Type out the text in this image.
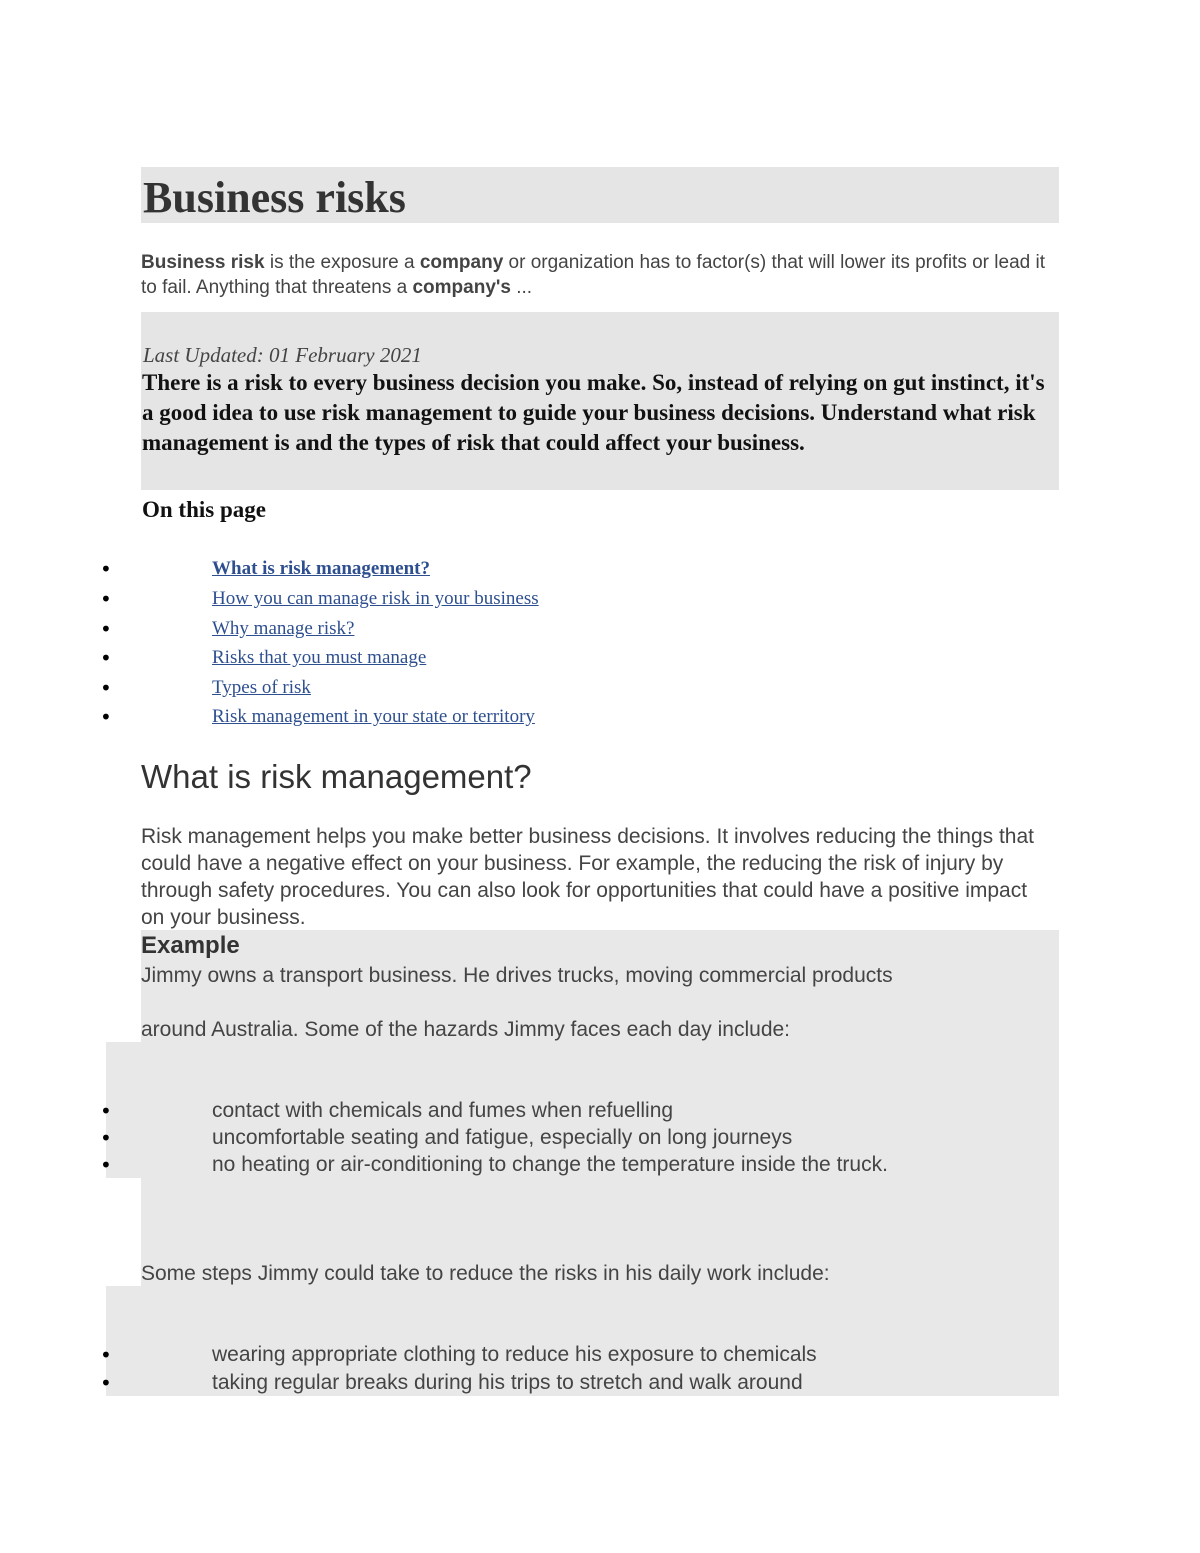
Business risks

Business risk is the exposure a company or organization has to factor(s) that will lower its profits or lead it to fail. Anything that threatens a company's ...

Last Updated: 01 February 2021

There is a risk to every business decision you make. So, instead of relying on gut instinct, it's a good idea to use risk management to guide your business decisions. Understand what risk management is and the types of risk that could affect your business.

On this page

•	What is risk management?
•	How you can manage risk in your business
•	Why manage risk?
•	Risks that you must manage
•	Types of risk
•	Risk management in your state or territory
What is risk management?

Risk management helps you make better business decisions. It involves reducing the things that could have a negative effect on your business. For example, the reducing the risk of injury by through safety procedures. You can also look for opportunities that could have a positive impact on your business.

Example

Jimmy owns a transport business. He drives trucks, moving commercial products

around Australia. Some of the hazards Jimmy faces each day include:

•	contact with chemicals and fumes when refuelling
•	uncomfortable seating and fatigue, especially on long journeys
•	no heating or air-conditioning to change the temperature inside the truck.

Some steps Jimmy could take to reduce the risks in his daily work include:

•	wearing appropriate clothing to reduce his exposure to chemicals
•	taking regular breaks during his trips to stretch and walk around
